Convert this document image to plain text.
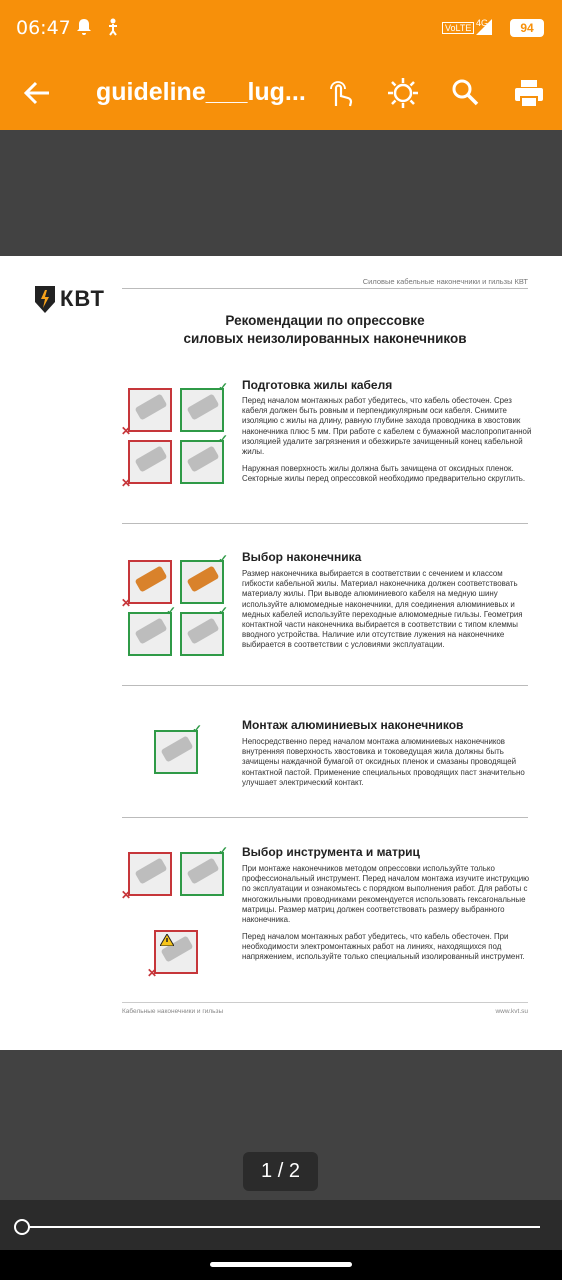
06:47	VoLTE 4G	94
guideline___lug...
КВТ
Силовые кабельные наконечники и гильзы КВТ
Рекомендации по опрессовке
силовых неизолированных наконечников
✕
✓
✕
✓
Подготовка жилы кабеля
Перед началом монтажных работ убедитесь, что кабель обесточен. Срез кабеля должен быть ровным и перпендикулярным оси кабеля. Снимите изоляцию с жилы на длину, равную глубине захода проводника в хвостовик наконечника плюс 5 мм. При работе с кабелем с бумажной маслопропитанной изоляцией удалите загрязнения и обезжирьте зачищенный конец кабельной жилы.
Наружная поверхность жилы должна быть зачищена от оксидных пленок. Секторные жилы перед опрессовкой необходимо предварительно скруглить.
✕
✓
✓	✓
Выбор наконечника
Размер наконечника выбирается в соответствии с сечением и классом гибкости кабельной жилы. Материал наконечника должен соответствовать материалу жилы. При выводе алюминиевого кабеля на медную шину используйте алюмомедные наконечники, для соединения алюминиевых и медных кабелей используйте переходные алюмомедные гильзы. Геометрия контактной части наконечника выбирается в соответствии с типом клеммы вводного устройства. Наличие или отсутствие лужения на наконечнике выбирается в соответствии с условиями эксплуатации.
✓	Монтаж алюминиевых наконечников
Непосредственно перед началом монтажа алюминиевых наконечников внутренняя поверхность хвостовика и токоведущая жила должны быть зачищены наждачной бумагой от оксидных пленок и смазаны проводящей контактной пастой. Применение специальных проводящих паст значительно улучшает электрический контакт.
✕
✓
✕
Выбор инструмента и матриц
При монтаже наконечников методом опрессовки используйте только профессиональный инструмент. Перед началом монтажа изучите инструкцию по эксплуатации и ознакомьтесь с порядком выполнения работ. Для работы с многожильными проводниками рекомендуется использовать гексагональные матрицы. Размер матриц должен соответствовать размеру выбранного наконечника.
Перед началом монтажных работ убедитесь, что кабель обесточен. При необходимости электромонтажных работ на линиях, находящихся под напряжением, используйте только специальный изолированный инструмент.
Кабельные наконечники и гильзы	www.kvt.su
1 / 2
